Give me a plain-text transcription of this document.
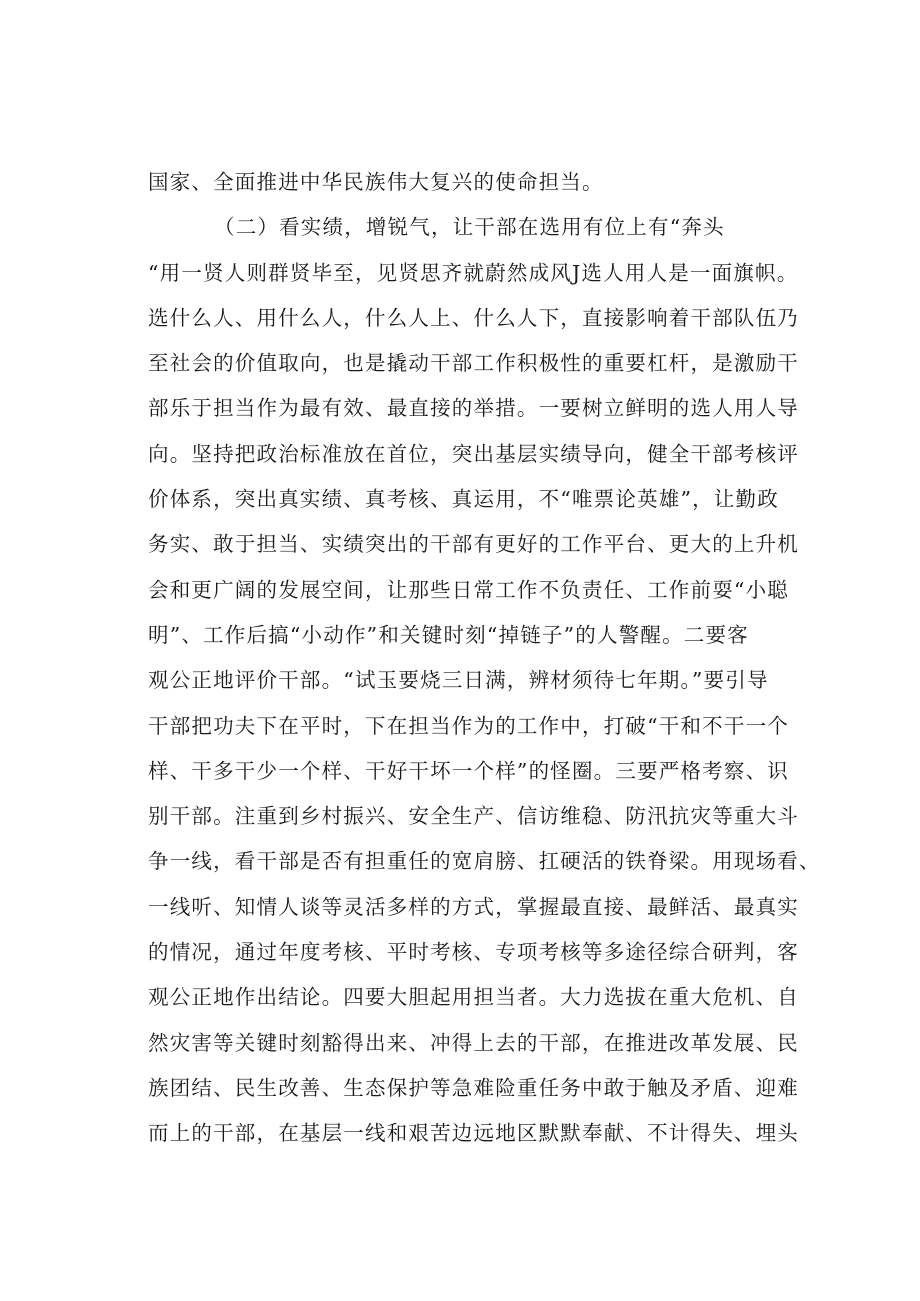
国家、全面推进中华民族伟大复兴的使命担当。
（二）看实绩，增锐气，让干部在选用有位上有“奔头
“用一贤人则群贤毕至，见贤思齐就蔚然成风J选人用人是一面旗帜。
选什么人、用什么人，什么人上、什么人下，直接影响着干部队伍乃
至社会的价值取向，也是撬动干部工作积极性的重要杠杆，是激励干
部乐于担当作为最有效、最直接的举措。一要树立鲜明的选人用人导
向。坚持把政治标准放在首位，突出基层实绩导向，健全干部考核评
价体系，突出真实绩、真考核、真运用，不“唯票论英雄”，让勤政
务实、敢于担当、实绩突出的干部有更好的工作平台、更大的上升机
会和更广阔的发展空间，让那些日常工作不负责任、工作前耍“小聪
明”、工作后搞“小动作”和关键时刻“掉链子”的人警醒。二要客
观公正地评价干部。“试玉要烧三日满，辨材须待七年期。”要引导
干部把功夫下在平时，下在担当作为的工作中，打破“干和不干一个
样、干多干少一个样、干好干坏一个样”的怪圈。三要严格考察、识
别干部。注重到乡村振兴、安全生产、信访维稳、防汛抗灾等重大斗
争一线，看干部是否有担重任的宽肩膀、扛硬活的铁脊梁。用现场看、
一线听、知情人谈等灵活多样的方式，掌握最直接、最鲜活、最真实
的情况，通过年度考核、平时考核、专项考核等多途径综合研判，客
观公正地作出结论。四要大胆起用担当者。大力选拔在重大危机、自
然灾害等关键时刻豁得出来、冲得上去的干部，在推进改革发展、民
族团结、民生改善、生态保护等急难险重任务中敢于触及矛盾、迎难
而上的干部，在基层一线和艰苦边远地区默默奉献、不计得失、埋头
